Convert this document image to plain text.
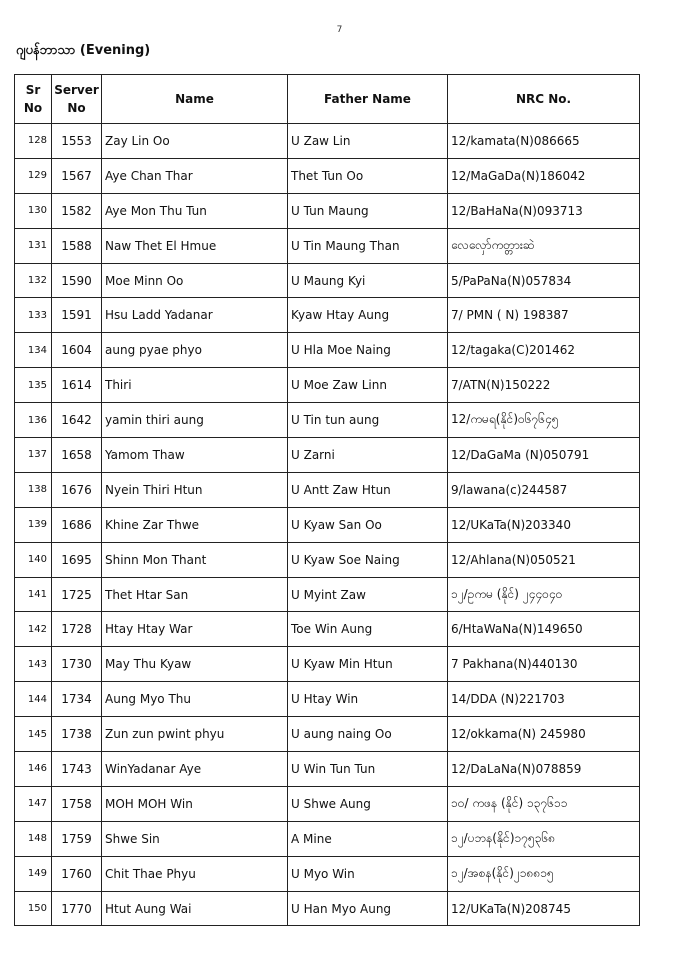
7
ဂျပန်ဘာသာ (Evening)
Sr No	Server No	Name	Father Name	NRC No.
128	1553	Zay Lin Oo	U Zaw Lin	12/kamata(N)086665
129	1567	Aye Chan Thar	Thet Tun Oo	12/MaGaDa(N)186042
130	1582	Aye Mon Thu Tun	U Tun Maung	12/BaHaNa(N)093713
131	1588	Naw Thet El Hmue	U Tin Maung Than	လေလှော်ကတ္တားဆဲ
132	1590	Moe Minn Oo	U Maung Kyi	5/PaPaNa(N)057834
133	1591	Hsu Ladd Yadanar	Kyaw Htay Aung	7/ PMN ( N) 198387
134	1604	aung pyae phyo	U Hla Moe Naing	12/tagaka(C)201462
135	1614	Thiri	U Moe Zaw Linn	7/ATN(N)150222
136	1642	yamin thiri aung	U Tin tun aung	12/ကမရ(နိုင်)၀၆၇၆၄၅
137	1658	Yamom Thaw	U Zarni	12/DaGaMa (N)050791
138	1676	Nyein Thiri Htun	U Antt Zaw Htun	9/lawana(c)244587
139	1686	Khine Zar Thwe	U Kyaw San Oo	12/UKaTa(N)203340
140	1695	Shinn Mon Thant	U Kyaw Soe Naing	12/Ahlana(N)050521
141	1725	Thet Htar San	U Myint Zaw	၁၂/ဥကမ (နိုင်) ၂၄၄၀၄၀
142	1728	Htay Htay War	Toe Win Aung	6/HtaWaNa(N)149650
143	1730	May Thu Kyaw	U Kyaw Min Htun	7 Pakhana(N)440130
144	1734	Aung Myo Thu	U Htay Win	14/DDA (N)221703
145	1738	Zun zun pwint phyu	U aung naing Oo	12/okkama(N) 245980
146	1743	WinYadanar Aye	U Win Tun Tun	12/DaLaNa(N)078859
147	1758	MOH MOH Win	U Shwe Aung	၁၀/ ကဖန (နိုင်) ၁၃၇၆၁၁
148	1759	Shwe Sin	A Mine	၁၂/ပဘန(နိုင်)၁၇၅၃၆၈
149	1760	Chit Thae Phyu	U Myo Win	၁၂/အစန(နိုင်)၂၁၈၈၁၅
150	1770	Htut Aung Wai	U Han Myo Aung	12/UKaTa(N)208745
